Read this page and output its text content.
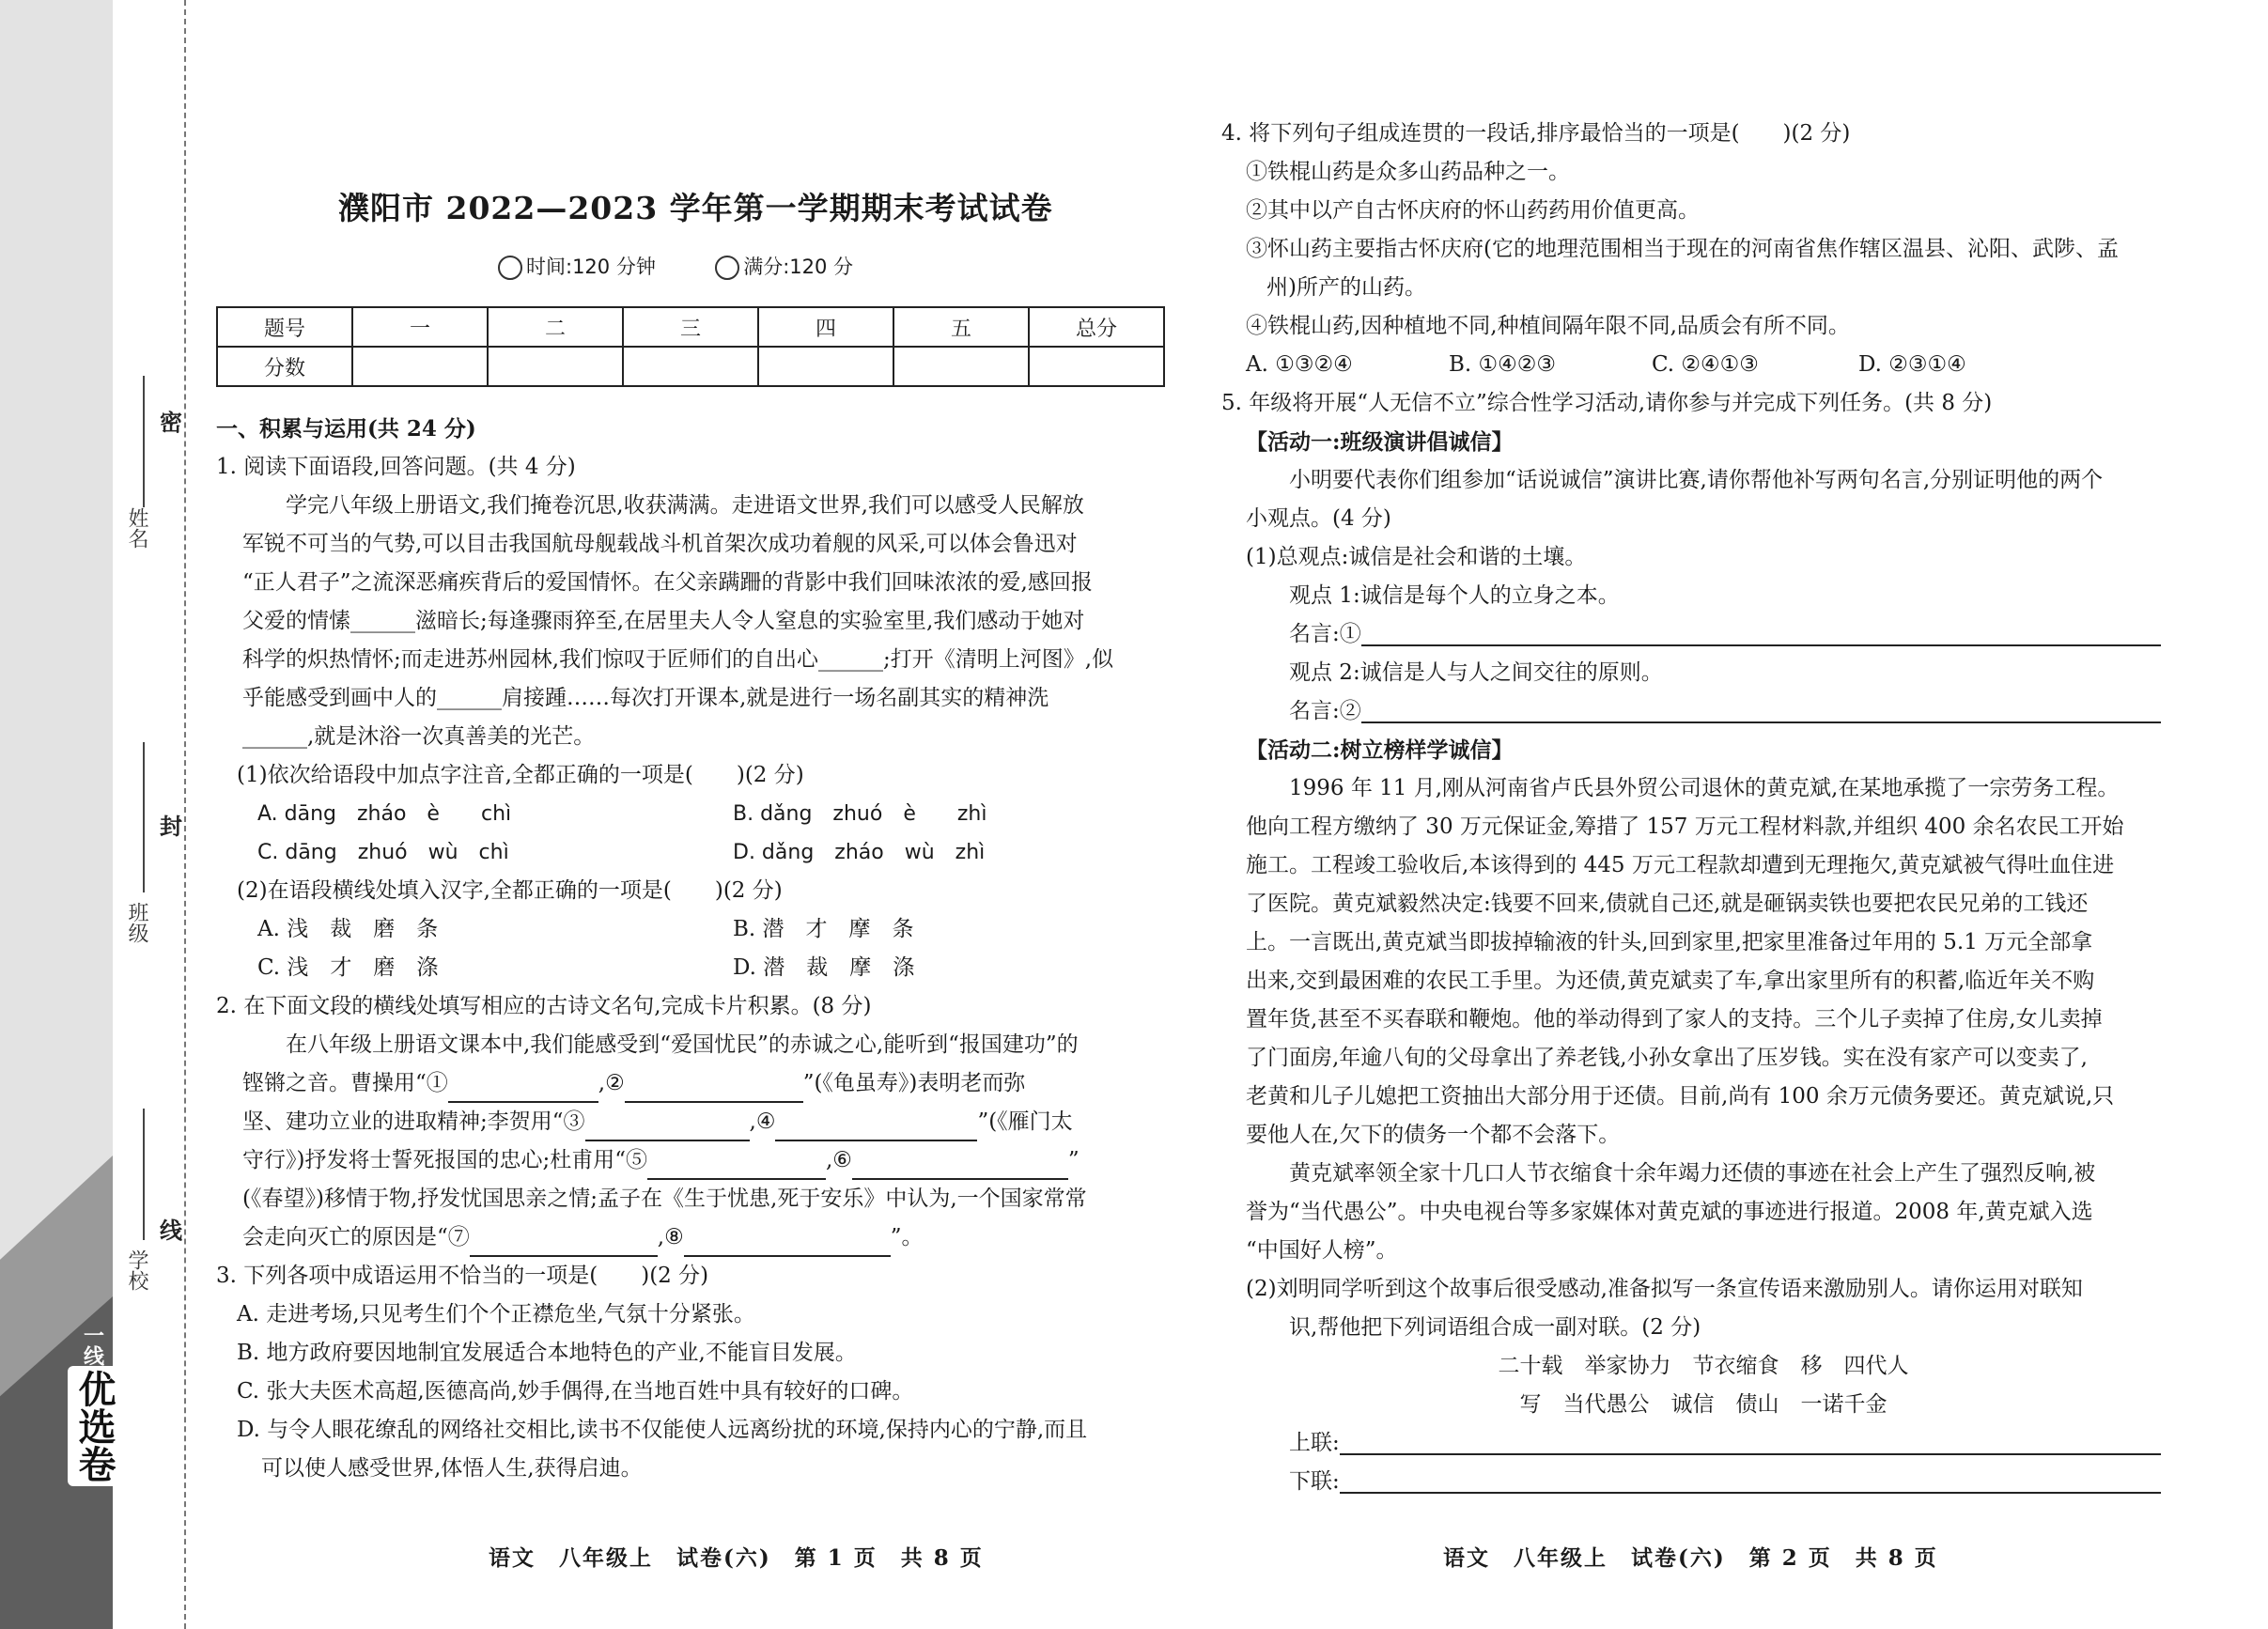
一线
优选卷
密
封
线
姓名
班级
学校
濮阳市 2022—2023 学年第一学期期末考试试卷
时间:120 分钟	满分:120 分
题号	一	二	三	四	五	总分
分数						
一、积累与运用(共 24 分)
1. 阅读下面语段,回答问题。(共 4 分)
学完八年级上册语文,我们掩卷沉思,收获满满。走进语文世界,我们可以感受人民解放
军锐不可当的气势,可以目击我国航母舰载战斗机首架次成功着舰的风采,可以体会鲁迅对
“正人君子”之流深恶痛疾背后的爱国情怀。在父亲蹒跚的背影中我们回味浓浓的爱,感回报
父爱的情愫______滋暗长;每逢骤雨猝至,在居里夫人令人窒息的实验室里,我们感动于她对
科学的炽热情怀;而走进苏州园林,我们惊叹于匠师们的自出心______;打开《清明上河图》,似
乎能感受到画中人的______肩接踵……每次打开课本,就是进行一场名副其实的精神洗
______,就是沐浴一次真善美的光芒。
(1)依次给语段中加点字注音,全都正确的一项是(　　)(2 分)
A. dāng　zháo　è　　chì	B. dǎng　zhuó　è　　zhì
C. dāng　zhuó　wù　chì	D. dǎng　zháo　wù　zhì
(2)在语段横线处填入汉字,全都正确的一项是(　　)(2 分)
A. 浅　裁　磨　条	B. 潜　才　摩　条
C. 浅　才　磨　涤	D. 潜　裁　摩　涤
2. 在下面文段的横线处填写相应的古诗文名句,完成卡片积累。(8 分)
在八年级上册语文课本中,我们能感受到“爱国忧民”的赤诚之心,能听到“报国建功”的
铿锵之音。曹操用“①	,②	”(《龟虽寿》)表明老而弥
坚、建功立业的进取精神;李贺用“③	,④	”(《雁门太
守行》)抒发将士誓死报国的忠心;杜甫用“⑤	,⑥	”
(《春望》)移情于物,抒发忧国思亲之情;孟子在《生于忧患,死于安乐》中认为,一个国家常常
会走向灭亡的原因是“⑦	,⑧	”。
3. 下列各项中成语运用不恰当的一项是(　　)(2 分)
A. 走进考场,只见考生们个个正襟危坐,气氛十分紧张。
B. 地方政府要因地制宜发展适合本地特色的产业,不能盲目发展。
C. 张大夫医术高超,医德高尚,妙手偶得,在当地百姓中具有较好的口碑。
D. 与令人眼花缭乱的网络社交相比,读书不仅能使人远离纷扰的环境,保持内心的宁静,而且
可以使人感受世界,体悟人生,获得启迪。
语文　八年级上　试卷(六)　第 1 页　共 8 页
4. 将下列句子组成连贯的一段话,排序最恰当的一项是(　　)(2 分)
①铁棍山药是众多山药品种之一。
②其中以产自古怀庆府的怀山药药用价值更高。
③怀山药主要指古怀庆府(它的地理范围相当于现在的河南省焦作辖区温县、沁阳、武陟、孟
州)所产的山药。
④铁棍山药,因种植地不同,种植间隔年限不同,品质会有所不同。
A. ①③②④	B. ①④②③	C. ②④①③	D. ②③①④
5. 年级将开展“人无信不立”综合性学习活动,请你参与并完成下列任务。(共 8 分)
【活动一:班级演讲倡诚信】
小明要代表你们组参加“话说诚信”演讲比赛,请你帮他补写两句名言,分别证明他的两个
小观点。(4 分)
(1)总观点:诚信是社会和谐的土壤。
观点 1:诚信是每个人的立身之本。
名言:①
观点 2:诚信是人与人之间交往的原则。
名言:②
【活动二:树立榜样学诚信】
1996 年 11 月,刚从河南省卢氏县外贸公司退休的黄克斌,在某地承揽了一宗劳务工程。
他向工程方缴纳了 30 万元保证金,筹措了 157 万元工程材料款,并组织 400 余名农民工开始
施工。工程竣工验收后,本该得到的 445 万元工程款却遭到无理拖欠,黄克斌被气得吐血住进
了医院。黄克斌毅然决定:钱要不回来,债就自己还,就是砸锅卖铁也要把农民兄弟的工钱还
上。一言既出,黄克斌当即拔掉输液的针头,回到家里,把家里准备过年用的 5.1 万元全部拿
出来,交到最困难的农民工手里。为还债,黄克斌卖了车,拿出家里所有的积蓄,临近年关不购
置年货,甚至不买春联和鞭炮。他的举动得到了家人的支持。三个儿子卖掉了住房,女儿卖掉
了门面房,年逾八旬的父母拿出了养老钱,小孙女拿出了压岁钱。实在没有家产可以变卖了,
老黄和儿子儿媳把工资抽出大部分用于还债。目前,尚有 100 余万元债务要还。黄克斌说,只
要他人在,欠下的债务一个都不会落下。
黄克斌率领全家十几口人节衣缩食十余年竭力还债的事迹在社会上产生了强烈反响,被
誉为“当代愚公”。中央电视台等多家媒体对黄克斌的事迹进行报道。2008 年,黄克斌入选
“中国好人榜”。
(2)刘明同学听到这个故事后很受感动,准备拟写一条宣传语来激励别人。请你运用对联知
识,帮他把下列词语组合成一副对联。(2 分)
二十载　举家协力　节衣缩食　移　四代人
写　当代愚公　诚信　债山　一诺千金
上联:
下联:
语文　八年级上　试卷(六)　第 2 页　共 8 页
